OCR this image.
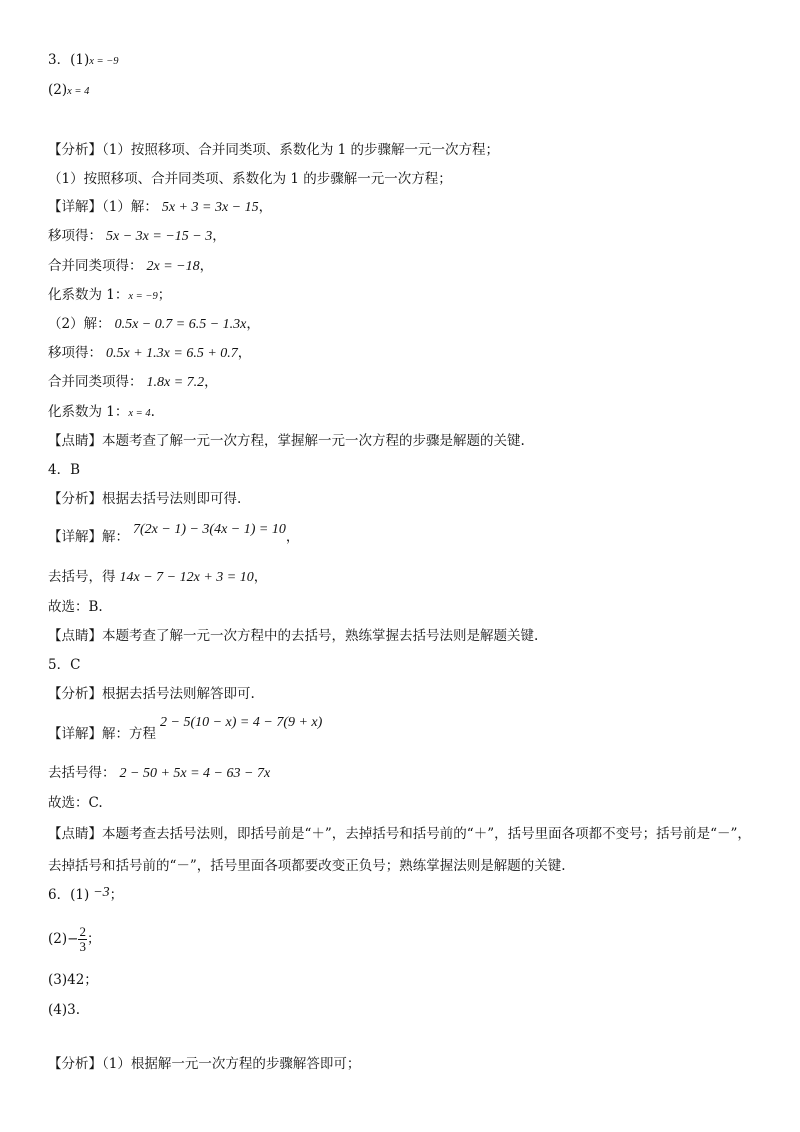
3．(1)x = −9
(2)x = 4
【分析】（1）按照移项、合并同类项、系数化为 1 的步骤解一元一次方程；
（1）按照移项、合并同类项、系数化为 1 的步骤解一元一次方程；
【详解】（1）解： 5x + 3 = 3x − 15，
移项得： 5x − 3x = −15 − 3，
合并同类项得： 2x = −18，
化系数为 1：x = −9；
（2）解： 0.5x − 0.7 = 6.5 − 1.3x，
移项得： 0.5x + 1.3x = 6.5 + 0.7，
合并同类项得： 1.8x = 7.2，
化系数为 1：x = 4.
【点睛】本题考查了解一元一次方程，掌握解一元一次方程的步骤是解题的关键.
4．B
【分析】根据去括号法则即可得.
【详解】解： 7(2x − 1) − 3(4x − 1) = 10，
去括号，得 14x − 7 − 12x + 3 = 10，
故选：B.
【点睛】本题考查了解一元一次方程中的去括号，熟练掌握去括号法则是解题关键.
5．C
【分析】根据去括号法则解答即可.
【详解】解：方程2 − 5(10 − x) = 4 − 7(9 + x)
去括号得： 2 − 50 + 5x = 4 − 63 − 7x
故选：C.
【点睛】本题考查去括号法则，即括号前是“＋”，去掉括号和括号前的“＋”，括号里面各项都不变号；括号前是“－”，去掉括号和括号前的“－”，括号里面各项都要改变正负号；熟练掌握法则是解题的关键.
6．(1) −3；
$(2)- \frac{2}{3}$ ；
(3)42；
(4)3.
【分析】（1）根据解一元一次方程的步骤解答即可；
